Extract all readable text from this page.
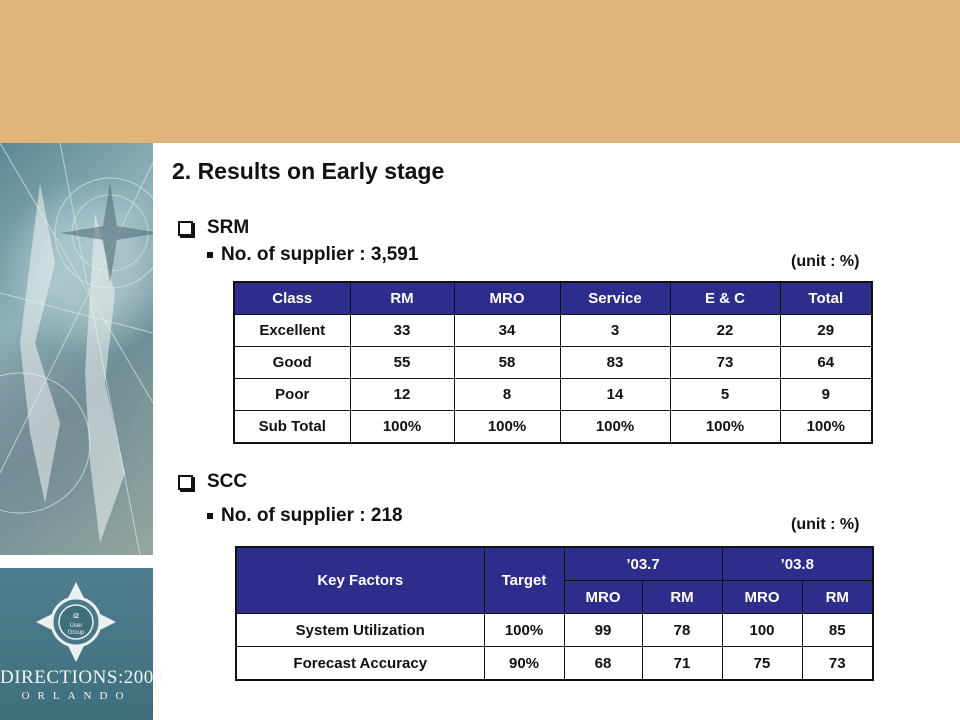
i2
User
Group
DIRECTIONS:2003
ORLANDO
2. Results on Early stage
SRM
No. of supplier : 3,591	(unit : %)
Class	RM	MRO	Service	E & C	Total
Excellent	33	34	3	22	29
Good	55	58	83	73	64
Poor	12	8	14	5	9
Sub Total	100%	100%	100%	100%	100%
SCC
No. of supplier : 218	(unit : %)
Key Factors	Target	’03.7		’03.8	
		MRO	RM	MRO	RM
System Utilization	100%	99	78	100	85
Forecast Accuracy	90%	68	71	75	73
